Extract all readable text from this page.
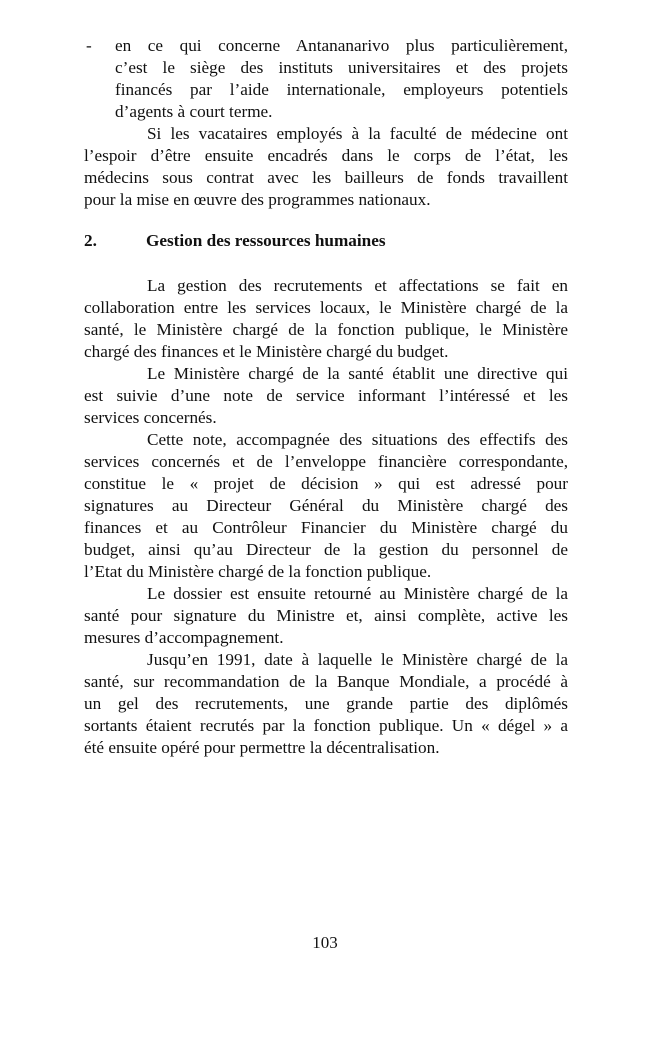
- en ce qui concerne Antananarivo plus particulièrement,
c’est le siège des instituts universitaires et des projets
financés par l’aide internationale, employeurs potentiels
d’agents à court terme.
Si les vacataires employés à la faculté de médecine ont
l’espoir d’être ensuite encadrés dans le corps de l’état, les
médecins sous contrat avec les bailleurs de fonds travaillent
pour la mise en œuvre des programmes nationaux.
2.	Gestion des ressources humaines
La gestion des recrutements et affectations se fait en
collaboration entre les services locaux, le Ministère chargé de la
santé, le Ministère chargé de la fonction publique, le Ministère
chargé des finances et le Ministère chargé du budget.
Le Ministère chargé de la santé établit une directive qui
est suivie d’une note de service informant l’intéressé et les
services concernés.
Cette note, accompagnée des situations des effectifs des
services concernés et de l’enveloppe financière correspondante,
constitue le « projet de décision » qui est adressé pour
signatures au Directeur Général du Ministère chargé des
finances et au Contrôleur Financier du Ministère chargé du
budget, ainsi qu’au Directeur de la gestion du personnel de
l’Etat du Ministère chargé de la fonction publique.
Le dossier est ensuite retourné au Ministère chargé de la
santé pour signature du Ministre et, ainsi complète, active les
mesures d’accompagnement.
Jusqu’en 1991, date à laquelle le Ministère chargé de la
santé, sur recommandation de la Banque Mondiale, a procédé à
un gel des recrutements, une grande partie des diplômés
sortants étaient recrutés par la fonction publique. Un « dégel » a
été ensuite opéré pour permettre la décentralisation.
103
